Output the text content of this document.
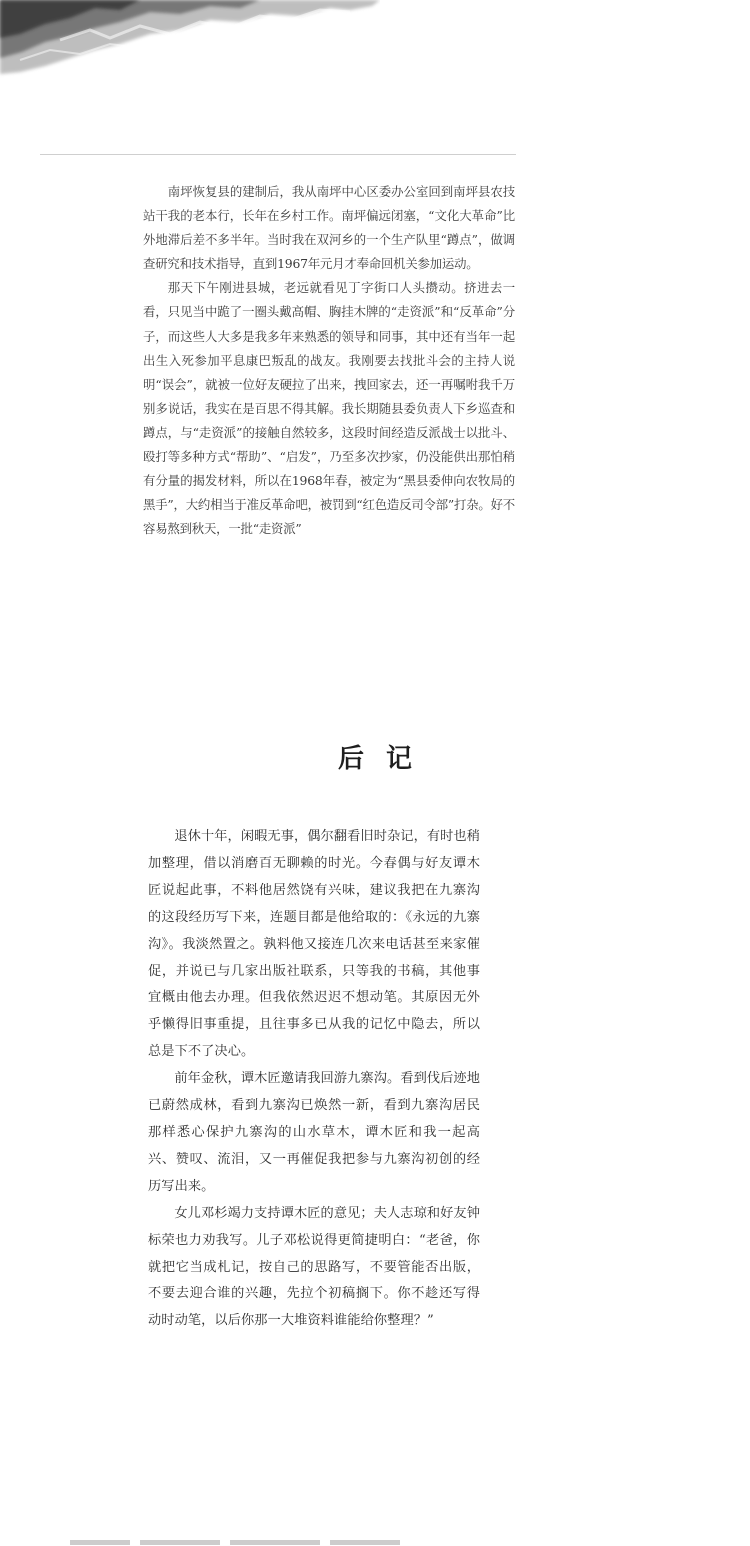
南坪恢复县的建制后，我从南坪中心区委办公室回到南坪县农技站干我的老本行，长年在乡村工作。南坪偏远闭塞，“文化大革命”比外地滞后差不多半年。当时我在双河乡的一个生产队里“蹲点”，做调查研究和技术指导，直到1967年元月才奉命回机关参加运动。

那天下午刚进县城，老远就看见丁字街口人头攒动。挤进去一看，只见当中跪了一圈头戴高帽、胸挂木牌的“走资派”和“反革命”分子，而这些人大多是我多年来熟悉的领导和同事，其中还有当年一起出生入死参加平息康巴叛乱的战友。我刚要去找批斗会的主持人说明“误会”，就被一位好友硬拉了出来，拽回家去，还一再嘱咐我千万别多说话，我实在是百思不得其解。我长期随县委负责人下乡巡查和蹲点，与“走资派”的接触自然较多，这段时间经造反派战士以批斗、殴打等多种方式“帮助”、“启发”，乃至多次抄家，仍没能供出那怕稍有分量的揭发材料，所以在1968年春，被定为“黑县委伸向农牧局的黑手”，大约相当于准反革命吧，被罚到“红色造反司令部”打杂。好不容易熬到秋天，一批“走资派”

后记

退休十年，闲暇无事，偶尔翻看旧时杂记，有时也稍加整理，借以消磨百无聊赖的时光。今春偶与好友谭木匠说起此事，不料他居然饶有兴味，建议我把在九寨沟的这段经历写下来，连题目都是他给取的：《永远的九寨沟》。我淡然置之。孰料他又接连几次来电话甚至来家催促，并说已与几家出版社联系，只等我的书稿，其他事宜概由他去办理。但我依然迟迟不想动笔。其原因无外乎懒得旧事重提，且往事多已从我的记忆中隐去，所以总是下不了决心。

前年金秋，谭木匠邀请我回游九寨沟。看到伐后迹地已蔚然成林，看到九寨沟已焕然一新，看到九寨沟居民那样悉心保护九寨沟的山水草木，谭木匠和我一起高兴、赞叹、流泪，又一再催促我把参与九寨沟初创的经历写出来。

女儿邓杉竭力支持谭木匠的意见；夫人志琼和好友钟标荣也力劝我写。儿子邓松说得更简捷明白：“老爸，你就把它当成札记，按自己的思路写，不要管能否出版，不要去迎合谁的兴趣，先拉个初稿搁下。你不趁还写得动时动笔，以后你那一大堆资料谁能给你整理？”
